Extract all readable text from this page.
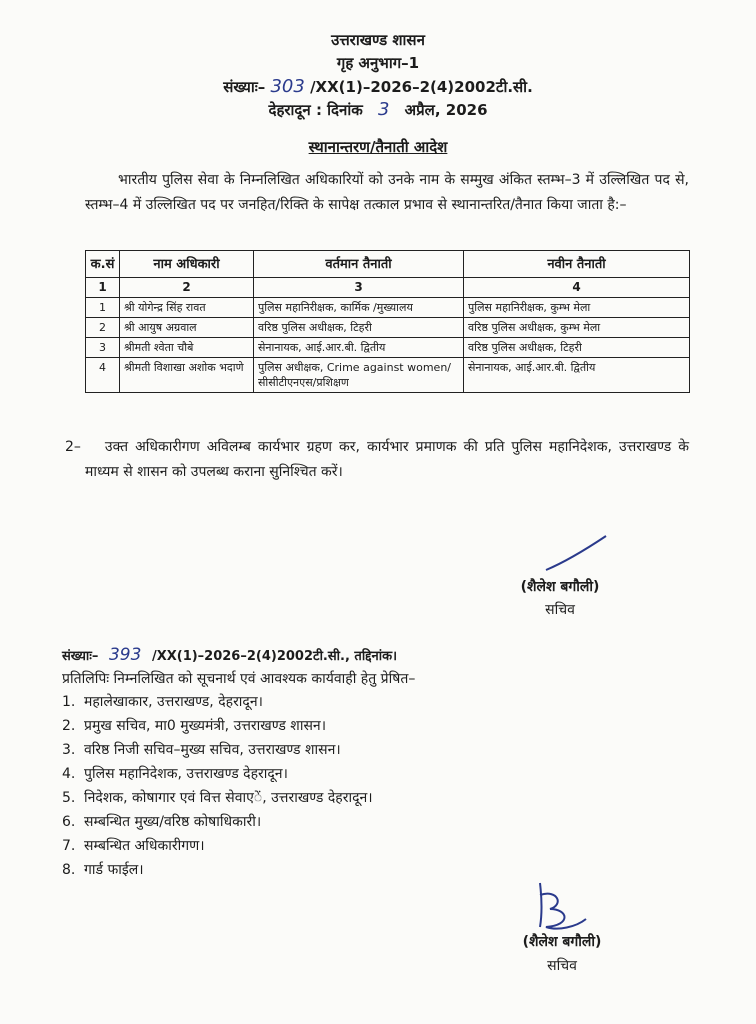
उत्तराखण्ड शासन
गृह अनुभाग–1
संख्याः– 303 /XX(1)–2026–2(4)2002टी.सी.
देहरादून : दिनांक 3 अप्रैल, 2026
स्थानान्तरण/तैनाती आदेश
भारतीय पुलिस सेवा के निम्नलिखित अधिकारियों को उनके नाम के सम्मुख अंकित स्तम्भ–3 में उल्लिखित पद से, स्तम्भ–4 में उल्लिखित पद पर जनहित/रिक्ति के सापेक्ष तत्काल प्रभाव से स्थानान्तरित/तैनात किया जाता है:–
क.सं	नाम अधिकारी	वर्तमान तैनाती	नवीन तैनाती
1	2	3	4
1	श्री योगेन्द्र सिंह रावत	पुलिस महानिरीक्षक, कार्मिक /मुख्यालय	पुलिस महानिरीक्षक, कुम्भ मेला
2	श्री आयुष अग्रवाल	वरिष्ठ पुलिस अधीक्षक, टिहरी	वरिष्ठ पुलिस अधीक्षक, कुम्भ मेला
3	श्रीमती श्वेता चौबे	सेनानायक, आई.आर.बी. द्वितीय	वरिष्ठ पुलिस अधीक्षक, टिहरी
4	श्रीमती विशाखा अशोक भदाणे	पुलिस अधीक्षक, Crime against women/सीसीटीएनएस/प्रशिक्षण	सेनानायक, आई.आर.बी. द्वितीय
2– उक्त अधिकारीगण अविलम्ब कार्यभार ग्रहण कर, कार्यभार प्रमाणक की प्रति पुलिस महानिदेशक, उत्तराखण्ड के माध्यम से शासन को उपलब्ध कराना सुनिश्चित करें।
(शैलेश बगौली)
सचिव
संख्याः– 393 /XX(1)–2026–2(4)2002टी.सी., तद्दिनांक।
प्रतिलिपिः निम्नलिखित को सूचनार्थ एवं आवश्यक कार्यवाही हेतु प्रेषित–
1. महालेखाकार, उत्तराखण्ड, देहरादून।
2. प्रमुख सचिव, मा0 मुख्यमंत्री, उत्तराखण्ड शासन।
3. वरिष्ठ निजी सचिव–मुख्य सचिव, उत्तराखण्ड शासन।
4. पुलिस महानिदेशक, उत्तराखण्ड देहरादून।
5. निदेशक, कोषागार एवं वित्त सेवाएें, उत्तराखण्ड देहरादून।
6. सम्बन्धित मुख्य/वरिष्ठ कोषाधिकारी।
7. सम्बन्धित अधिकारीगण।
8. गार्ड फाईल।
(शैलेश बगौली)
सचिव
